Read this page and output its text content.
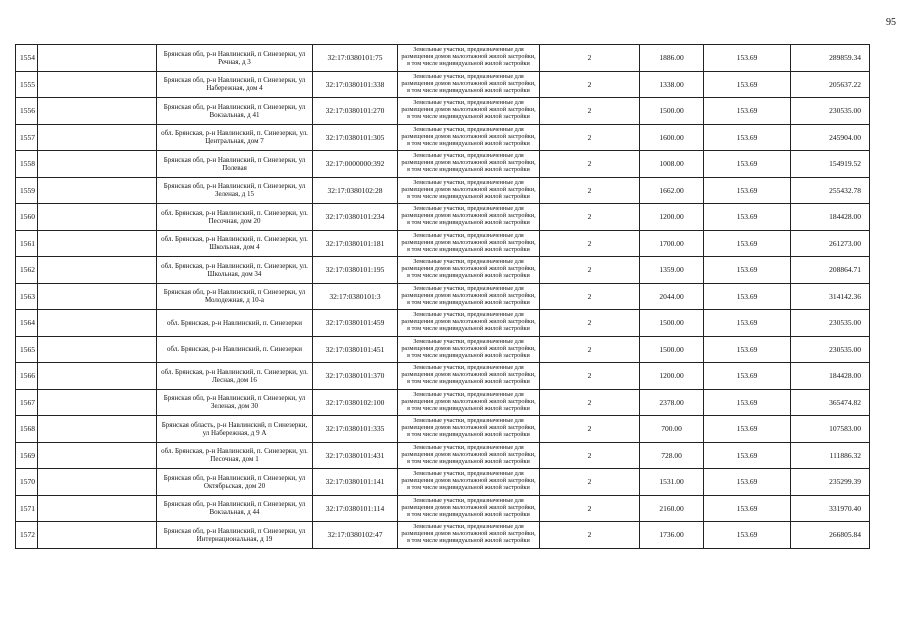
95
1554		Брянская обл, р-н Навлинский, п Синезерки, ул Речная, д 3	32:17:0380101:75	Земельные участки, предназначенные для размещения домов малоэтажной жилой застройки, в том числе индивидуальной жилой застройки	2	1886.00	153.69	289859.34
1555		Брянская обл, р-н Навлинский, п Синезерки, ул Набережная, дом 4	32:17:0380101:338	Земельные участки, предназначенные для размещения домов малоэтажной жилой застройки, в том числе индивидуальной жилой застройки	2	1338.00	153.69	205637.22
1556		Брянская обл, р-н Навлинский, п Синезерки, ул Вокзальная, д 41	32:17:0380101:270	Земельные участки, предназначенные для размещения домов малоэтажной жилой застройки, в том числе индивидуальной жилой застройки	2	1500.00	153.69	230535.00
1557		обл. Брянская, р-н Навлинский, п. Синезерки, ул. Центральная, дом 7	32:17:0380101:305	Земельные участки, предназначенные для размещения домов малоэтажной жилой застройки, в том числе индивидуальной жилой застройки	2	1600.00	153.69	245904.00
1558		Брянская обл, р-н Навлинский, п Синезерки, ул Полевая	32:17:0000000:392	Земельные участки, предназначенные для размещения домов малоэтажной жилой застройки, в том числе индивидуальной жилой застройки	2	1008.00	153.69	154919.52
1559		Брянская обл, р-н Навлинский, п Синезерки, ул Зеленая, д 15	32:17:0380102:28	Земельные участки, предназначенные для размещения домов малоэтажной жилой застройки, в том числе индивидуальной жилой застройки	2	1662.00	153.69	255432.78
1560		обл. Брянская, р-н Навлинский, п. Синезерки, ул. Песочная, дом 20	32:17:0380101:234	Земельные участки, предназначенные для размещения домов малоэтажной жилой застройки, в том числе индивидуальной жилой застройки	2	1200.00	153.69	184428.00
1561		обл. Брянская, р-н Навлинский, п. Синезерки, ул. Школьная, дом 4	32:17:0380101:181	Земельные участки, предназначенные для размещения домов малоэтажной жилой застройки, в том числе индивидуальной жилой застройки	2	1700.00	153.69	261273.00
1562		обл. Брянская, р-н Навлинский, п. Синезерки, ул. Школьная, дом 34	32:17:0380101:195	Земельные участки, предназначенные для размещения домов малоэтажной жилой застройки, в том числе индивидуальной жилой застройки	2	1359.00	153.69	208864.71
1563		Брянская обл, р-н Навлинский, п Синезерки, ул Молодежная, д 10-а	32:17:0380101:3	Земельные участки, предназначенные для размещения домов малоэтажной жилой застройки, в том числе индивидуальной жилой застройки	2	2044.00	153.69	314142.36
1564		обл. Брянская, р-н Навлинский, п. Синезерки	32:17:0380101:459	Земельные участки, предназначенные для размещения домов малоэтажной жилой застройки, в том числе индивидуальной жилой застройки	2	1500.00	153.69	230535.00
1565		обл. Брянская, р-н Навлинский, п. Синезерки	32:17:0380101:451	Земельные участки, предназначенные для размещения домов малоэтажной жилой застройки, в том числе индивидуальной жилой застройки	2	1500.00	153.69	230535.00
1566		обл. Брянская, р-н Навлинский, п. Синезерки, ул. Лесная, дом 16	32:17:0380101:370	Земельные участки, предназначенные для размещения домов малоэтажной жилой застройки, в том числе индивидуальной жилой застройки	2	1200.00	153.69	184428.00
1567		Брянская обл, р-н Навлинский, п Синезерки, ул Зеленая, дом 30	32:17:0380102:100	Земельные участки, предназначенные для размещения домов малоэтажной жилой застройки, в том числе индивидуальной жилой застройки	2	2378.00	153.69	365474.82
1568		Брянская область, р-н Навлинский, п Синезерки, ул Набережная, д 9 А	32:17:0380101:335	Земельные участки, предназначенные для размещения домов малоэтажной жилой застройки, в том числе индивидуальной жилой застройки	2	700.00	153.69	107583.00
1569		обл. Брянская, р-н Навлинский, п. Синезерки, ул. Песочная, дом 1	32:17:0380101:431	Земельные участки, предназначенные для размещения домов малоэтажной жилой застройки, в том числе индивидуальной жилой застройки	2	728.00	153.69	111886.32
1570		Брянская обл, р-н Навлинский, п Синезерки, ул Октябрьская, дом 20	32:17:0380101:141	Земельные участки, предназначенные для размещения домов малоэтажной жилой застройки, в том числе индивидуальной жилой застройки	2	1531.00	153.69	235299.39
1571		Брянская обл, р-н Навлинский, п Синезерки, ул Вокзальная, д 44	32:17:0380101:114	Земельные участки, предназначенные для размещения домов малоэтажной жилой застройки, в том числе индивидуальной жилой застройки	2	2160.00	153.69	331970.40
1572		Брянская обл, р-н Навлинский, п Синезерки, ул Интернациональная, д 19	32:17:0380102:47	Земельные участки, предназначенные для размещения домов малоэтажной жилой застройки, в том числе индивидуальной жилой застройки	2	1736.00	153.69	266805.84
